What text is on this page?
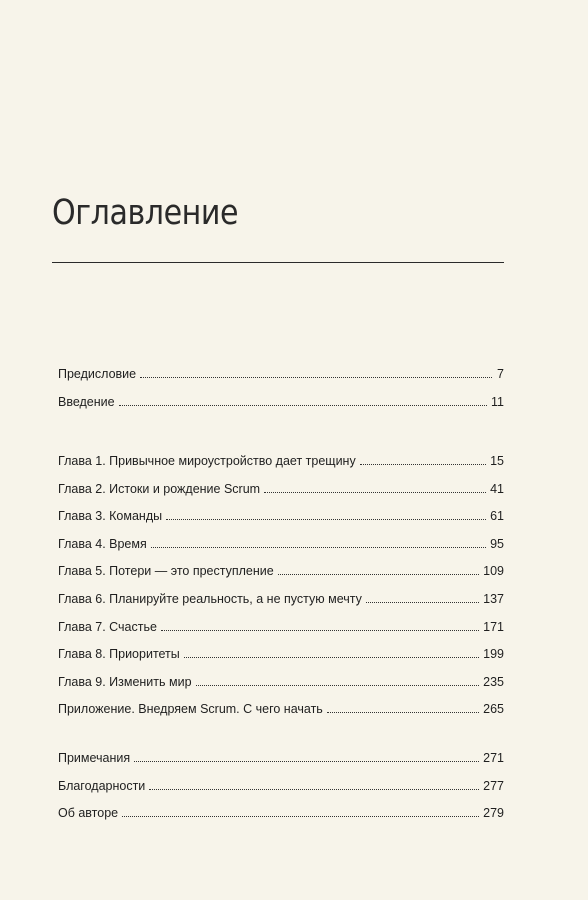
Оглавление
Предисловие	7
Введение	11
Глава 1. Привычное мироустройство дает трещину	15
Глава 2. Истоки и рождение Scrum	41
Глава 3. Команды	61
Глава 4. Время	95
Глава 5. Потери — это преступление	109
Глава 6. Планируйте реальность, а не пустую мечту	137
Глава 7. Счастье	171
Глава 8. Приоритеты	199
Глава 9. Изменить мир	235
Приложение. Внедряем Scrum. С чего начать	265
Примечания	271
Благодарности	277
Об авторе	279
